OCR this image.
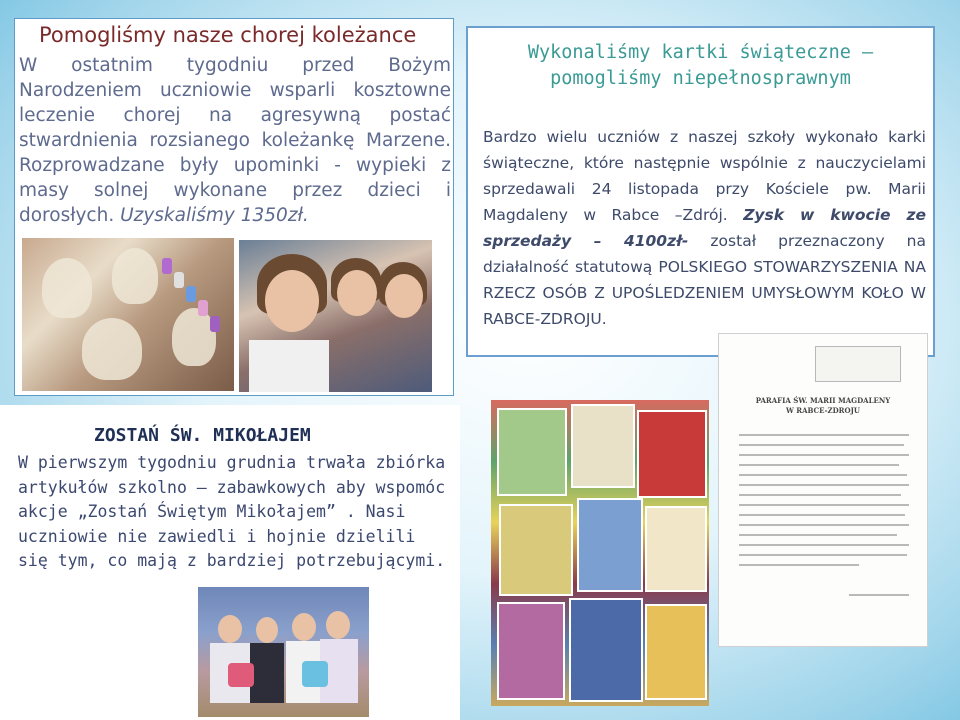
Pomogliśmy nasze chorej koleżance
W ostatnim tygodniu przed Bożym Narodzeniem uczniowie wsparli kosztowne leczenie chorej na agresywną postać stwardnienia rozsianego koleżankę Marzene. Rozprowadzane były upominki - wypieki z masy solnej wykonane przez dzieci i dorosłych. Uzyskaliśmy 1350zł.
Wykonaliśmy kartki świąteczne –
pomogliśmy niepełnosprawnym
Bardzo wielu uczniów z naszej szkoły wykonało karki świąteczne, które następnie wspólnie z nauczycielami sprzedawali 24 listopada przy Kościele pw. Marii Magdaleny w Rabce –Zdrój. Zysk w kwocie ze sprzedaży – 4100zł- został przeznaczony na działalność statutową POLSKIEGO STOWARZYSZENIA NA RZECZ OSÓB Z UPOŚLEDZENIEM UMYSŁOWYM KOŁO W RABCE-ZDROJU.
PARAFIA ŚW. MARII MAGDALENY
W RABCE-ZDROJU
ZOSTAŃ ŚW. MIKOŁAJEM
W pierwszym tygodniu grudnia trwała zbiórka artykułów szkolno – zabawkowych aby wspomóc akcje „Zostań Świętym Mikołajem” . Nasi uczniowie nie zawiedli i hojnie dzielili się tym, co mają z bardziej potrzebującymi.
